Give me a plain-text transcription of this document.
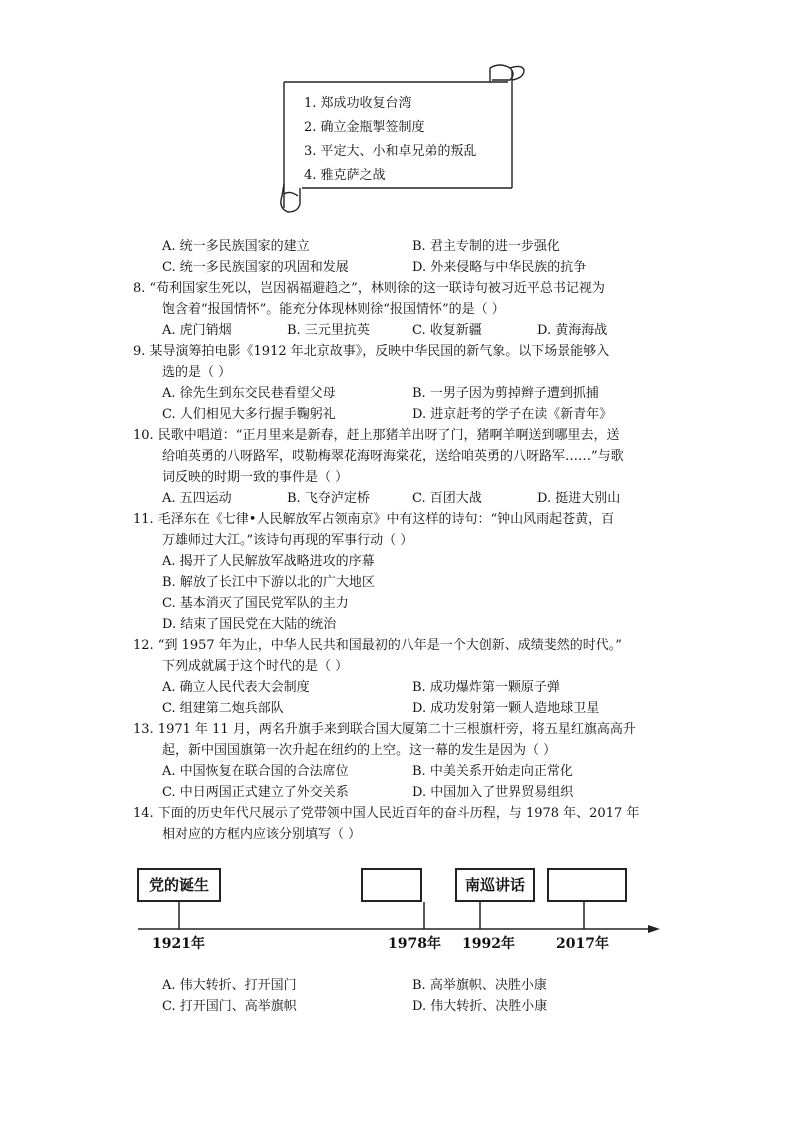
1. 郑成功收复台湾
2. 确立金瓶掣签制度
3. 平定大、小和卓兄弟的叛乱
4. 雅克萨之战
A. 统一多民族国家的建立	B. 君主专制的进一步强化
C. 统一多民族国家的巩固和发展	D. 外来侵略与中华民族的抗争
8. “苟利国家生死以，岂因祸福避趋之”，林则徐的这一联诗句被习近平总书记视为
饱含着“报国情怀”。能充分体现林则徐“报国情怀”的是（ ）
A. 虎门销烟	B. 三元里抗英	C. 收复新疆	D. 黄海海战
9. 某导演筹拍电影《1912 年北京故事》，反映中华民国的新气象。以下场景能够入
选的是（ ）
A. 徐先生到东交民巷看望父母	B. 一男子因为剪掉辫子遭到抓捕
C. 人们相见大多行握手鞠躬礼	D. 进京赶考的学子在读《新青年》
10. 民歌中唱道：“正月里来是新春，赶上那猪羊出呀了门，猪啊羊啊送到哪里去，送
给咱英勇的八呀路军，哎勒梅翠花海呀海棠花，送给咱英勇的八呀路军……”与歌
词反映的时期一致的事件是（ ）
A. 五四运动	B. 飞夺泸定桥	C. 百团大战	D. 挺进大别山
11. 毛泽东在《七律•人民解放军占领南京》中有这样的诗句：“钟山风雨起苍黄，百
万雄师过大江。”该诗句再现的军事行动（ ）
A. 揭开了人民解放军战略进攻的序幕
B. 解放了长江中下游以北的广大地区
C. 基本消灭了国民党军队的主力
D. 结束了国民党在大陆的统治
12. “到 1957 年为止，中华人民共和国最初的八年是一个大创新、成绩斐然的时代。”
下列成就属于这个时代的是（ ）
A. 确立人民代表大会制度	B. 成功爆炸第一颗原子弹
C. 组建第二炮兵部队	D. 成功发射第一颗人造地球卫星
13. 1971 年 11 月，两名升旗手来到联合国大厦第二十三根旗杆旁，将五星红旗高高升
起，新中国国旗第一次升起在纽约的上空。这一幕的发生是因为（ ）
A. 中国恢复在联合国的合法席位	B. 中美关系开始走向正常化
C. 中日两国正式建立了外交关系	D. 中国加入了世界贸易组织
14. 下面的历史年代尺展示了党带领中国人民近百年的奋斗历程，与 1978 年、2017 年
相对应的方框内应该分别填写（ ）
党的诞生	南巡讲话
1921年	1978年 1992年	2017年
A. 伟大转折、打开国门	B. 高举旗帜、决胜小康
C. 打开国门、高举旗帜	D. 伟大转折、决胜小康
